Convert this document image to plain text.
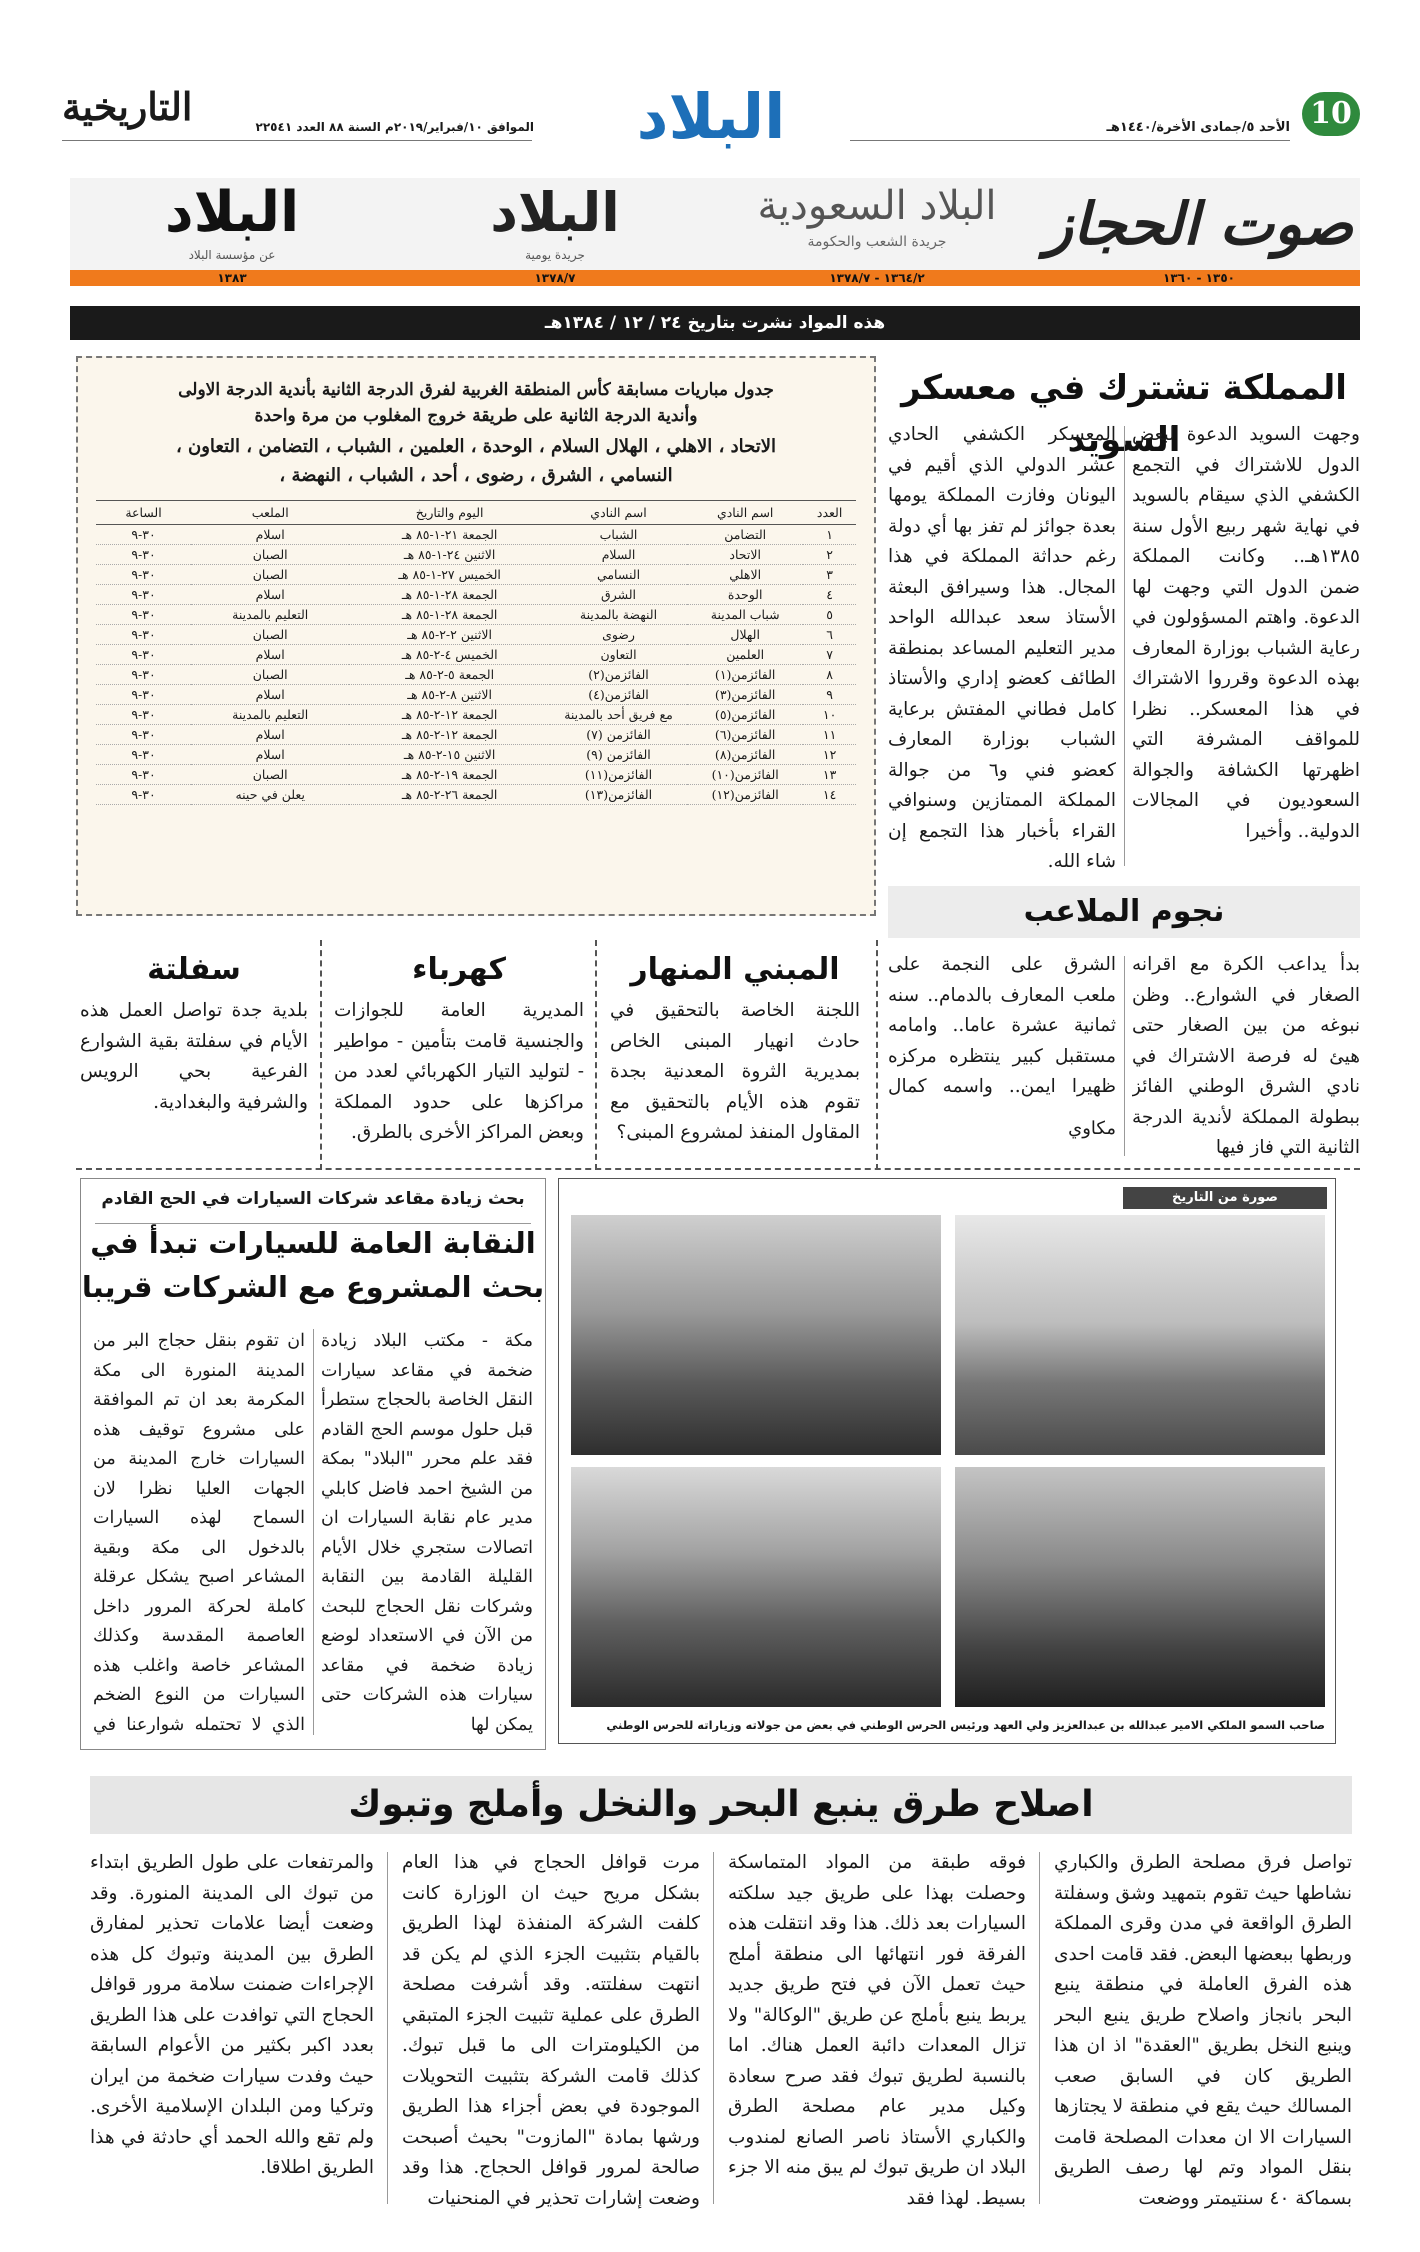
10
الأحد ٥/جمادى الأخرة/١٤٤٠هـ
البلاد
الموافق ١٠/فبراير/٢٠١٩م السنة ٨٨ العدد ٢٢٥٤١
التاريخية
صوت الحجاز
البلاد السعودية
جريدة الشعب والحكومة
البلاد
جريدة يومية
البلاد
عن مؤسسة البلاد
١٣٥٠ - ١٣٦٠
١٣٦٤/٢ - ١٣٧٨/٧
١٣٧٨/٧
١٣٨٣
هذه المواد نشرت بتاريخ ٢٤ / ١٢ / ١٣٨٤هـ
المملكة تشترك في معسكر السويد
وجهت السويد الدعوة لبعض الدول للاشتراك في التجمع الكشفي الذي سيقام بالسويد في نهاية شهر ربيع الأول سنة ١٣٨٥هـ.. وكانت المملكة ضمن الدول التي وجهت لها الدعوة. واهتم المسؤولون في رعاية الشباب بوزارة المعارف بهذه الدعوة وقرروا الاشتراك في هذا المعسكر.. نظرا للمواقف المشرفة التي اظهرتها الكشافة والجوالة السعوديون في المجالات الدولية.. وأخيرا
المعسكر الكشفي الحادي عشر الدولي الذي أقيم في اليونان وفازت المملكة يومها بعدة جوائز لم تفز بها أي دولة رغم حداثة المملكة في هذا المجال. هذا وسيرافق البعثة الأستاذ سعد عبدالله الواحد مدير التعليم المساعد بمنطقة الطائف كعضو إداري والأستاذ كامل فطاني المفتش برعاية الشباب بوزارة المعارف كعضو فني و٦ من جوالة المملكة الممتازين وسنوافي القراء بأخبار هذا التجمع إن شاء الله.
جدول مباريات مسابقة كأس المنطقة الغربية لفرق الدرجة الثانية بأندية الدرجة الاولى
وأندية الدرجة الثانية على طريقة خروج المغلوب من مرة واحدة
الاتحاد ، الاهلي ، الهلال السلام ، الوحدة ، العلمين ، الشباب ، التضامن ، التعاون ،
النسامي ، الشرق ، رضوى ، أحد ، الشباب ، النهضة ،
العدد	اسم النادي	اسم النادي	اليوم والتاريخ	الملعب	الساعة
١	التضامن	الشباب	الجمعة ٢١-١-٨٥ هـ	اسلام	٣٠-٩
٢	الاتحاد	السلام	الاثنين ٢٤-١-٨٥ هـ	الصبان	٣٠-٩
٣	الاهلي	النسامي	الخميس ٢٧-١-٨٥ هـ	الصبان	٣٠-٩
٤	الوحدة	الشرق	الجمعة ٢٨-١-٨٥ هـ	اسلام	٣٠-٩
٥	شباب المدينة	النهضة بالمدينة	الجمعة ٢٨-١-٨٥ هـ	التعليم بالمدينة	٣٠-٩
٦	الهلال	رضوى	الاثنين ٢-٢-٨٥ هـ	الصبان	٣٠-٩
٧	العلمين	التعاون	الخميس ٤-٢-٨٥ هـ	اسلام	٣٠-٩
٨	الفائزمن(١)	الفائزمن(٢)	الجمعة ٥-٢-٨٥ هـ	الصبان	٣٠-٩
٩	الفائزمن(٣)	الفائزمن(٤)	الاثنين ٨-٢-٨٥ هـ	اسلام	٣٠-٩
١٠	الفائزمن(٥)	مع فريق أحد بالمدينة	الجمعة ١٢-٢-٨٥ هـ	التعليم بالمدينة	٣٠-٩
١١	الفائزمن(٦)	الفائزمن (٧)	الجمعة ١٢-٢-٨٥ هـ	اسلام	٣٠-٩
١٢	الفائزمن(٨)	الفائزمن (٩)	الاثنين ١٥-٢-٨٥ هـ	اسلام	٣٠-٩
١٣	الفائزمن(١٠)	الفائزمن(١١)	الجمعة ١٩-٢-٨٥ هـ	الصبان	٣٠-٩
١٤	الفائزمن(١٢)	الفائزمن(١٣)	الجمعة ٢٦-٢-٨٥ هـ	يعلن في حينه	٣٠-٩
نجوم الملاعب
بدأ يداعب الكرة مع اقرانه الصغار في الشوارع.. وظن نبوغه من بين الصغار حتى هيئ له فرصة الاشتراك في نادي الشرق الوطني الفائز ببطولة المملكة لأندية الدرجة الثانية التي فاز فيها
الشرق على النجمة على ملعب المعارف بالدمام.. سنه ثمانية عشرة عاما.. وامامه مستقبل كبير ينتظره مركزه ظهيرا ايمن.. واسمه كمال
مكاوي
المبني المنهار
اللجنة الخاصة بالتحقيق في حادث انهيار المبنى الخاص بمديرية الثروة المعدنية بجدة تقوم هذه الأيام بالتحقيق مع المقاول المنفذ لمشروع المبنى؟
كهرباء
المديرية العامة للجوازات والجنسية قامت بتأمين - مواطير - لتوليد التيار الكهربائي لعدد من مراكزها على حدود المملكة وبعض المراكز الأخرى بالطرق.
سفلتة
بلدية جدة تواصل العمل هذه الأيام في سفلتة بقية الشوارع الفرعية بحي الرويس والشرفية والبغدادية.
صورة من التاريخ
صاحب السمو الملكي الامير عبدالله بن عبدالعزيز ولي العهد ورئيس الحرس الوطني في بعض من جولاته وزياراته للحرس الوطني
بحث زيادة مقاعد شركات السيارات في الحج القادم
النقابة العامة للسيارات تبدأ في
بحث المشروع مع الشركات قريبا
مكة - مكتب البلاد زيادة ضخمة في مقاعد سيارات النقل الخاصة بالحجاج ستطرأ قبل حلول موسم الحج القادم فقد علم محرر "البلاد" بمكة من الشيخ احمد فاضل كابلي مدير عام نقابة السيارات ان اتصالات ستجري خلال الأيام القليلة القادمة بين النقابة وشركات نقل الحجاج للبحث من الآن في الاستعداد لوضع زيادة ضخمة في مقاعد سيارات هذه الشركات حتى يمكن لها
ان تقوم بنقل حجاج البر من المدينة المنورة الى مكة المكرمة بعد ان تم الموافقة على مشروع توقيف هذه السيارات خارج المدينة من الجهات العليا نظرا لان السماح لهذه السيارات بالدخول الى مكة وبقية المشاعر اصبح يشكل عرقلة كاملة لحركة المرور داخل العاصمة المقدسة وكذلك المشاعر خاصة واغلب هذه السيارات من النوع الضخم الذي لا تحتمله شوارعنا في
اصلاح طرق ينبع البحر والنخل وأملج وتبوك
تواصل فرق مصلحة الطرق والكباري نشاطها حيث تقوم بتمهيد وشق وسفلتة الطرق الواقعة في مدن وقرى المملكة وربطها ببعضها البعض. فقد قامت احدى هذه الفرق العاملة في منطقة ينبع البحر بانجاز واصلاح طريق ينبع البحر وينبع النخل بطريق "العقدة" اذ ان هذا الطريق كان في السابق صعب المسالك حيث يقع في منطقة لا يجتازها السيارات الا ان معدات المصلحة قامت بنقل المواد وتم لها رصف الطريق بسماكة ٤٠ سنتيمتر ووضعت
فوقه طبقة من المواد المتماسكة وحصلت بهذا على طريق جيد سلكته السيارات بعد ذلك. هذا وقد انتقلت هذه الفرقة فور انتهائها الى منطقة أملج حيث تعمل الآن في فتح طريق جديد يربط ينبع بأملج عن طريق "الوكالة" ولا تزال المعدات دائبة العمل هناك. اما بالنسبة لطريق تبوك فقد صرح سعادة وكيل مدير عام مصلحة الطرق والكباري الأستاذ ناصر الصانع لمندوب البلاد ان طريق تبوك لم يبق منه الا جزء بسيط. لهذا فقد
مرت قوافل الحجاج في هذا العام بشكل مريح حيث ان الوزارة كانت كلفت الشركة المنفذة لهذا الطريق بالقيام بتثبيت الجزء الذي لم يكن قد انتهت سفلتته. وقد أشرفت مصلحة الطرق على عملية تثبيت الجزء المتبقي من الكيلومترات الى ما قبل تبوك. كذلك قامت الشركة بتثبيت التحويلات الموجودة في بعض أجزاء هذا الطريق ورشها بمادة "المازوت" بحيث أصبحت صالحة لمرور قوافل الحجاج. هذا وقد وضعت إشارات تحذير في المنحنيات
والمرتفعات على طول الطريق ابتداء من تبوك الى المدينة المنورة. وقد وضعت أيضا علامات تحذير لمفارق الطرق بين المدينة وتبوك كل هذه الإجراءات ضمنت سلامة مرور قوافل الحجاج التي توافدت على هذا الطريق بعدد اكبر بكثير من الأعوام السابقة حيث وفدت سيارات ضخمة من ايران وتركيا ومن البلدان الإسلامية الأخرى. ولم تقع والله الحمد أي حادثة في هذا الطريق اطلاقا.
